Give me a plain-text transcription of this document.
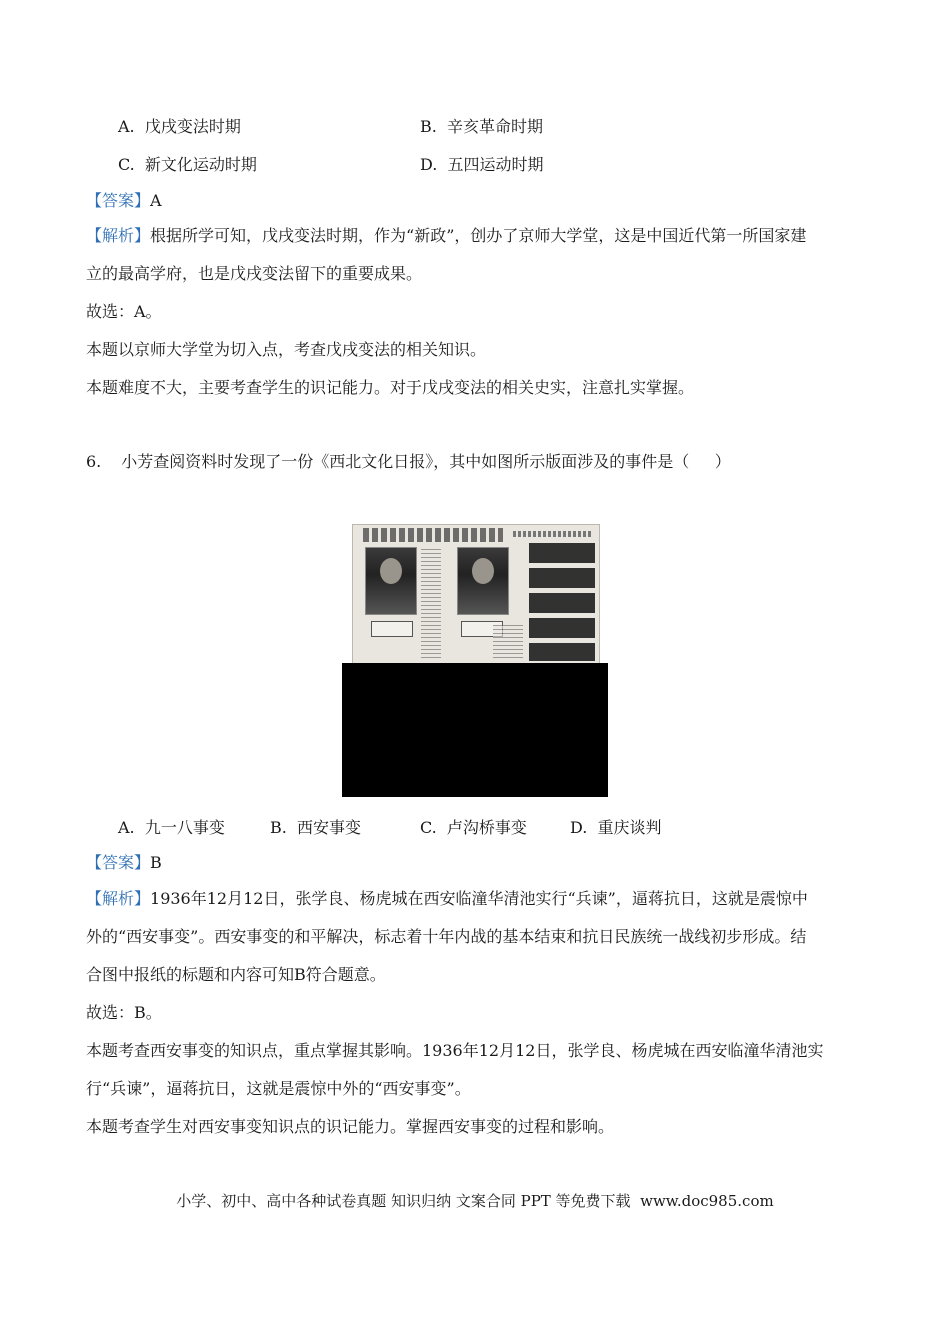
A.  戊戌变法时期	B.  辛亥革命时期
C.  新文化运动时期	D.  五四运动时期
【答案】A
【解析】根据所学可知，戊戌变法时期，作为“新政”，创办了京师大学堂，这是中国近代第一所国家建
立的最高学府，也是戊戌变法留下的重要成果。
故选：A。
本题以京师大学堂为切入点，考查戊戌变法的相关知识。
本题难度不大，主要考查学生的识记能力。对于戊戌变法的相关史实，注意扎实掌握。
6. 小芳查阅资料时发现了一份《西北文化日报》，其中如图所示版面涉及的事件是（     ）
A.  九一八事变	B.  西安事变	C.  卢沟桥事变	D.  重庆谈判
【答案】B
【解析】1936年12月12日，张学良、杨虎城在西安临潼华清池实行“兵谏”，逼蒋抗日，这就是震惊中
外的“西安事变”。西安事变的和平解决，标志着十年内战的基本结束和抗日民族统一战线初步形成。结
合图中报纸的标题和内容可知B符合题意。
故选：B。
本题考查西安事变的知识点，重点掌握其影响。1936年12月12日，张学良、杨虎城在西安临潼华清池实
行“兵谏”，逼蒋抗日，这就是震惊中外的“西安事变”。
本题考查学生对西安事变知识点的识记能力。掌握西安事变的过程和影响。
小学、初中、高中各种试卷真题 知识归纳 文案合同 PPT 等免费下载  www.doc985.com
